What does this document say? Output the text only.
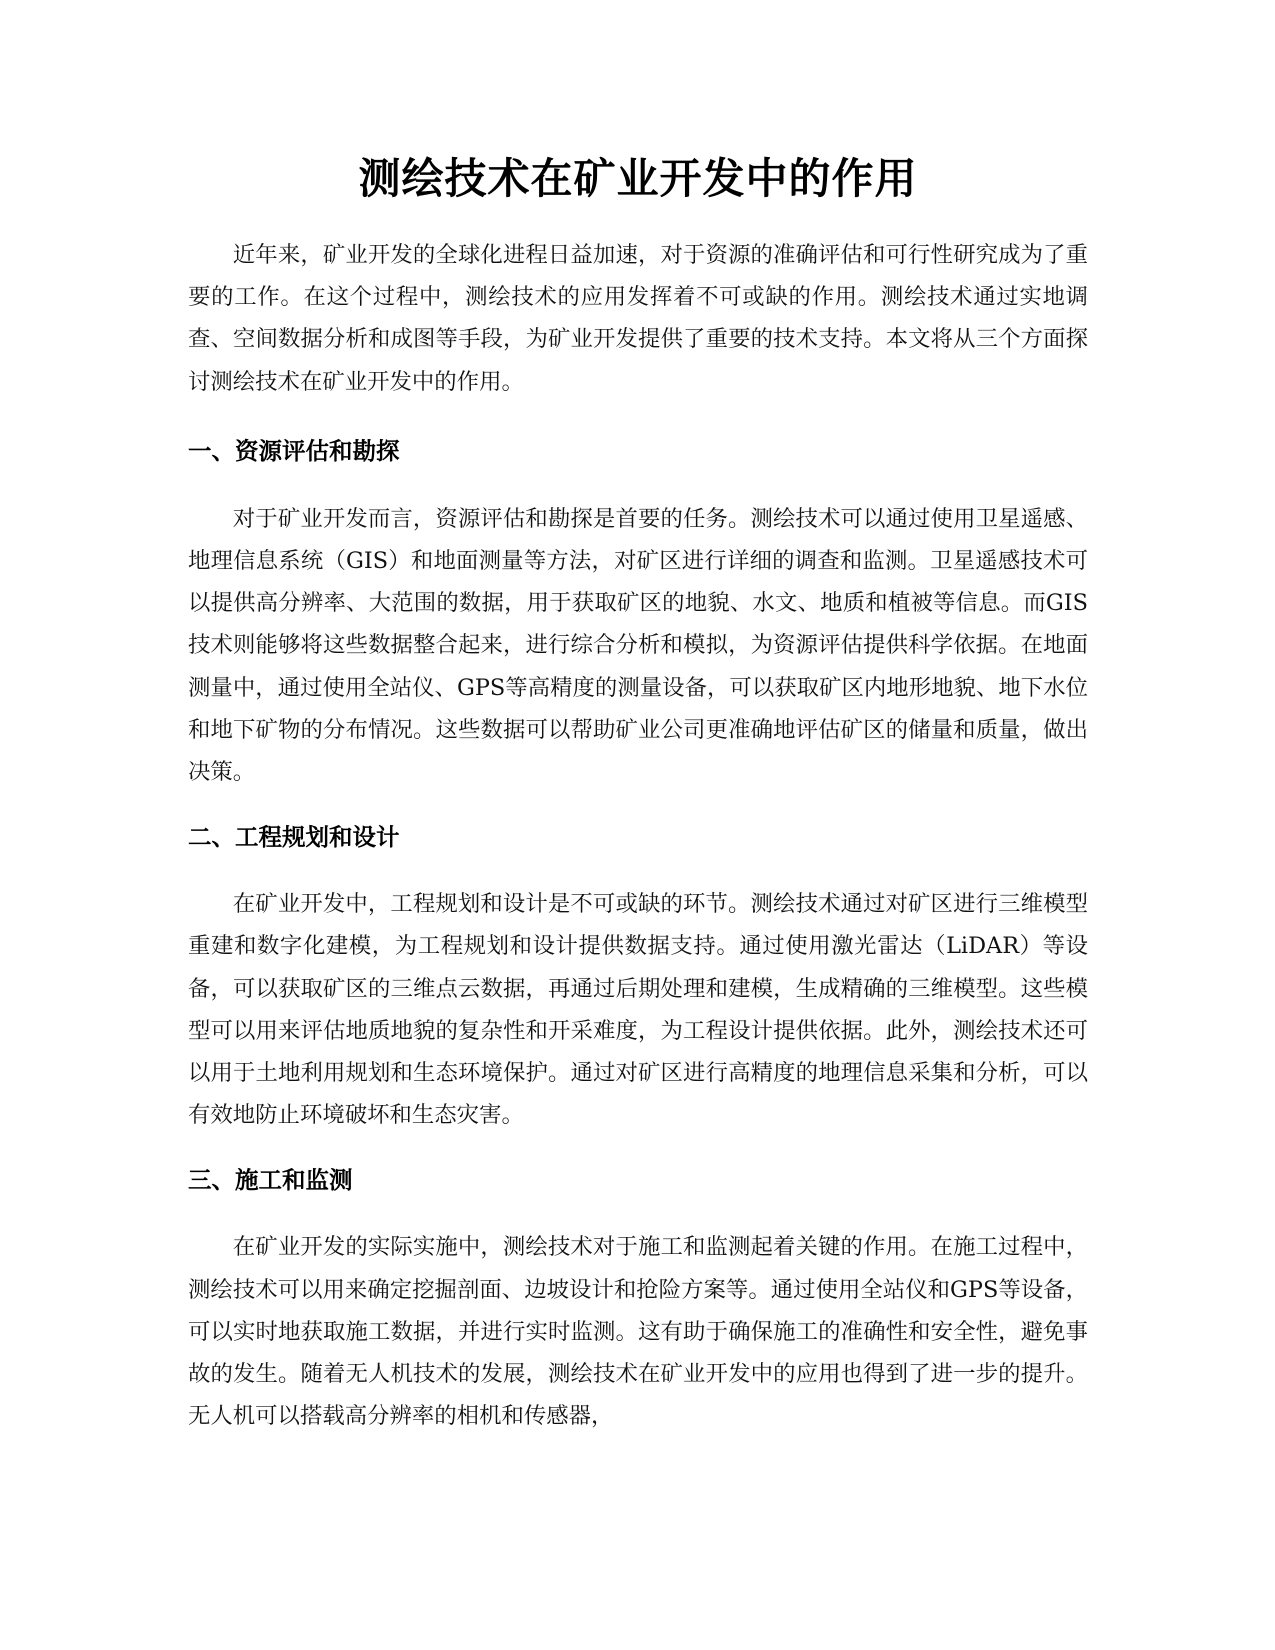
测绘技术在矿业开发中的作用

近年来，矿业开发的全球化进程日益加速，对于资源的准确评估和可行性研究成为了重要的工作。在这个过程中，测绘技术的应用发挥着不可或缺的作用。测绘技术通过实地调查、空间数据分析和成图等手段，为矿业开发提供了重要的技术支持。本文将从三个方面探讨测绘技术在矿业开发中的作用。

一、资源评估和勘探

对于矿业开发而言，资源评估和勘探是首要的任务。测绘技术可以通过使用卫星遥感、地理信息系统（GIS）和地面测量等方法，对矿区进行详细的调查和监测。卫星遥感技术可以提供高分辨率、大范围的数据，用于获取矿区的地貌、水文、地质和植被等信息。而GIS技术则能够将这些数据整合起来，进行综合分析和模拟，为资源评估提供科学依据。在地面测量中，通过使用全站仪、GPS等高精度的测量设备，可以获取矿区内地形地貌、地下水位和地下矿物的分布情况。这些数据可以帮助矿业公司更准确地评估矿区的储量和质量，做出决策。

二、工程规划和设计

在矿业开发中，工程规划和设计是不可或缺的环节。测绘技术通过对矿区进行三维模型重建和数字化建模，为工程规划和设计提供数据支持。通过使用激光雷达（LiDAR）等设备，可以获取矿区的三维点云数据，再通过后期处理和建模，生成精确的三维模型。这些模型可以用来评估地质地貌的复杂性和开采难度，为工程设计提供依据。此外，测绘技术还可以用于土地利用规划和生态环境保护。通过对矿区进行高精度的地理信息采集和分析，可以有效地防止环境破坏和生态灾害。

三、施工和监测

在矿业开发的实际实施中，测绘技术对于施工和监测起着关键的作用。在施工过程中，测绘技术可以用来确定挖掘剖面、边坡设计和抢险方案等。通过使用全站仪和GPS等设备，可以实时地获取施工数据，并进行实时监测。这有助于确保施工的准确性和安全性，避免事故的发生。随着无人机技术的发展，测绘技术在矿业开发中的应用也得到了进一步的提升。无人机可以搭载高分辨率的相机和传感器，
